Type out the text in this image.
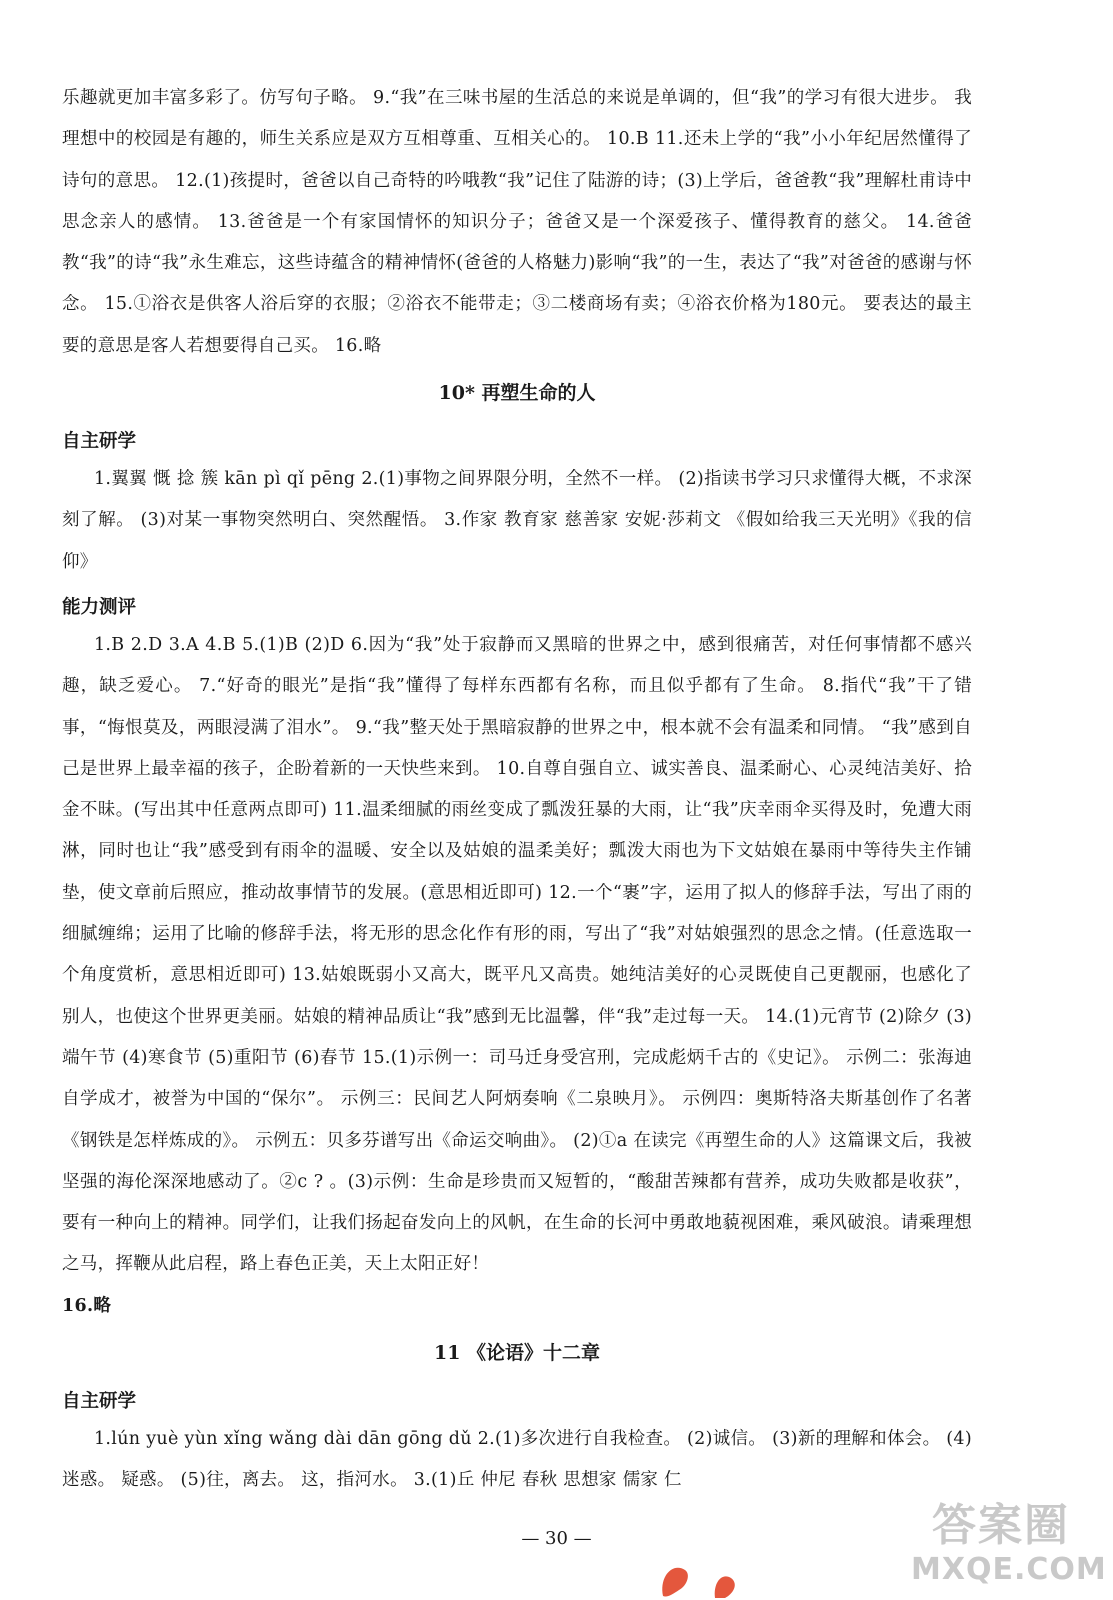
乐趣就更加丰富多彩了。仿写句子略。 9.“我”在三味书屋的生活总的来说是单调的，但“我”的学习有很大进步。 我理想中的校园是有趣的，师生关系应是双方互相尊重、互相关心的。 10.B 11.还未上学的“我”小小年纪居然懂得了诗句的意思。 12.(1)孩提时，爸爸以自己奇特的吟哦教“我”记住了陆游的诗；(3)上学后，爸爸教“我”理解杜甫诗中思念亲人的感情。 13.爸爸是一个有家国情怀的知识分子；爸爸又是一个深爱孩子、懂得教育的慈父。 14.爸爸教“我”的诗“我”永生难忘，这些诗蕴含的精神情怀(爸爸的人格魅力)影响“我”的一生，表达了“我”对爸爸的感谢与怀念。 15.①浴衣是供客人浴后穿的衣服；②浴衣不能带走；③二楼商场有卖；④浴衣价格为180元。 要表达的最主要的意思是客人若想要得自己买。 16.略

10* 再塑生命的人
自主研学

1.翼翼 慨 捻 簇 kān pì qǐ pēng 2.(1)事物之间界限分明，全然不一样。 (2)指读书学习只求懂得大概，不求深刻了解。 (3)对某一事物突然明白、突然醒悟。 3.作家 教育家 慈善家 安妮·莎莉文 《假如给我三天光明》《我的信仰》

能力测评

1.B 2.D 3.A 4.B 5.(1)B (2)D 6.因为“我”处于寂静而又黑暗的世界之中，感到很痛苦，对任何事情都不感兴趣，缺乏爱心。 7.“好奇的眼光”是指“我”懂得了每样东西都有名称，而且似乎都有了生命。 8.指代“我”干了错事，“悔恨莫及，两眼浸满了泪水”。 9.“我”整天处于黑暗寂静的世界之中，根本就不会有温柔和同情。 “我”感到自己是世界上最幸福的孩子，企盼着新的一天快些来到。 10.自尊自强自立、诚实善良、温柔耐心、心灵纯洁美好、拾金不昧。(写出其中任意两点即可) 11.温柔细腻的雨丝变成了瓢泼狂暴的大雨，让“我”庆幸雨伞买得及时，免遭大雨淋，同时也让“我”感受到有雨伞的温暖、安全以及姑娘的温柔美好；瓢泼大雨也为下文姑娘在暴雨中等待失主作铺垫，使文章前后照应，推动故事情节的发展。(意思相近即可) 12.一个“裹”字，运用了拟人的修辞手法，写出了雨的细腻缠绵；运用了比喻的修辞手法，将无形的思念化作有形的雨，写出了“我”对姑娘强烈的思念之情。(任意选取一个角度赏析，意思相近即可) 13.姑娘既弱小又高大，既平凡又高贵。她纯洁美好的心灵既使自己更靓丽，也感化了别人，也使这个世界更美丽。姑娘的精神品质让“我”感到无比温馨，伴“我”走过每一天。 14.(1)元宵节 (2)除夕 (3)端午节 (4)寒食节 (5)重阳节 (6)春节 15.(1)示例一：司马迁身受宫刑，完成彪炳千古的《史记》。 示例二：张海迪自学成才，被誉为中国的“保尔”。 示例三：民间艺人阿炳奏响《二泉映月》。 示例四：奥斯特洛夫斯基创作了名著《钢铁是怎样炼成的》。 示例五：贝多芬谱写出《命运交响曲》。 (2)①a 在读完《再塑生命的人》这篇课文后，我被坚强的海伦深深地感动了。②c ? 。(3)示例：生命是珍贵而又短暂的，“酸甜苦辣都有营养，成功失败都是收获”，要有一种向上的精神。同学们，让我们扬起奋发向上的风帆，在生命的长河中勇敢地藐视困难，乘风破浪。请乘理想之马，挥鞭从此启程，路上春色正美，天上太阳正好！

16.略

11 《论语》十二章
自主研学

1.lún yuè yùn xǐng wǎng dài dān gōng dǔ 2.(1)多次进行自我检查。 (2)诚信。 (3)新的理解和体会。 (4)迷惑。 疑惑。 (5)往，离去。 这，指河水。 3.(1)丘 仲尼 春秋 思想家 儒家 仁

— 30 —	答案圈
MXQE.COM
